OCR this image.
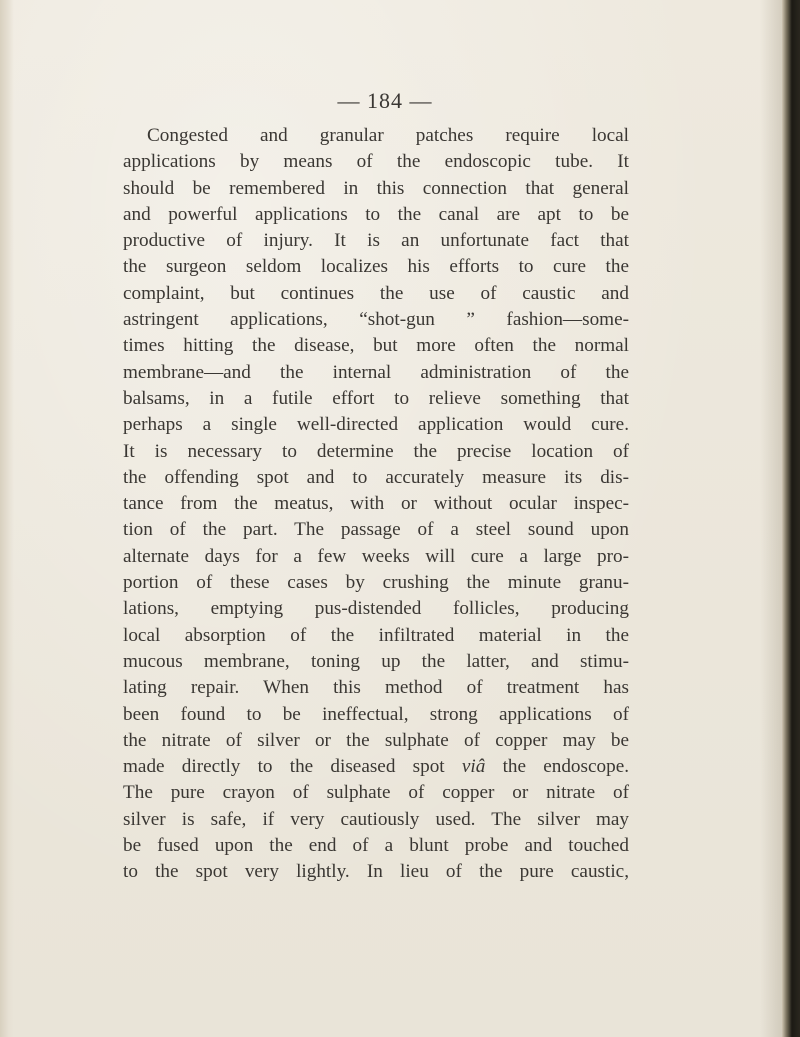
— 184 —
Congested and granular patches require local
applications by means of the endoscopic tube. It
should be remembered in this connection that general
and powerful applications to the canal are apt to be
productive of injury. It is an unfortunate fact that
the surgeon seldom localizes his efforts to cure the
complaint, but continues the use of caustic and
astringent applications, “shot-gun ” fashion—some-
times hitting the disease, but more often the normal
membrane—and the internal administration of the
balsams, in a futile effort to relieve something that
perhaps a single well-directed application would cure.
It is necessary to determine the precise location of
the offending spot and to accurately measure its dis-
tance from the meatus, with or without ocular inspec-
tion of the part. The passage of a steel sound upon
alternate days for a few weeks will cure a large pro-
portion of these cases by crushing the minute granu-
lations, emptying pus-distended follicles, producing
local absorption of the infiltrated material in the
mucous membrane, toning up the latter, and stimu-
lating repair. When this method of treatment has
been found to be ineffectual, strong applications of
the nitrate of silver or the sulphate of copper may be
made directly to the diseased spot viâ the endoscope.
The pure crayon of sulphate of copper or nitrate of
silver is safe, if very cautiously used. The silver may
be fused upon the end of a blunt probe and touched
to the spot very lightly. In lieu of the pure caustic,
